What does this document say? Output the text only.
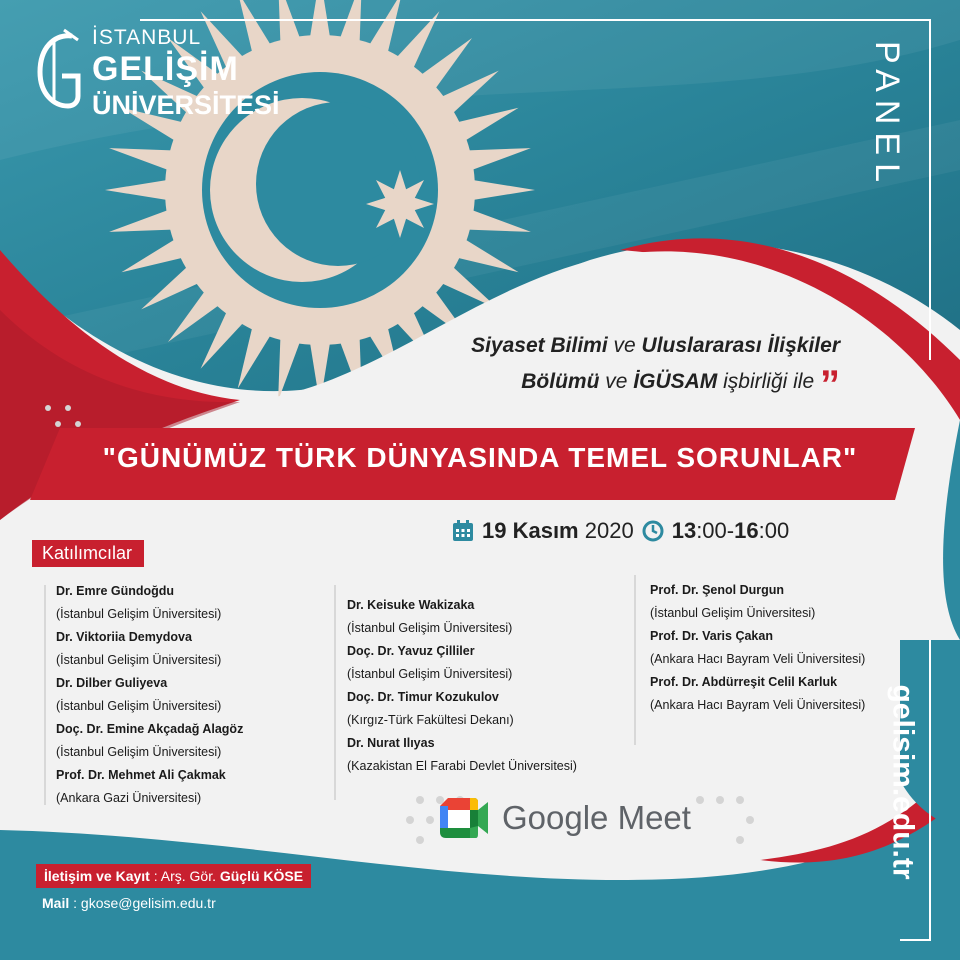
İSTANBUL
GELİŞİM
ÜNİVERSİTESİ	PANEL
Siyaset Bilimi ve Uluslararası İlişkiler
Bölümü ve İGÜSAM işbirliği ile ”
"GÜNÜMÜZ TÜRK DÜNYASINDA TEMEL SORUNLAR"
19 Kasım 2020 13:00-16:00
Katılımcılar
Dr. Emre Gündoğdu
(İstanbul Gelişim Üniversitesi)
Dr. Viktoriia Demydova
(İstanbul Gelişim Üniversitesi)
Dr. Dilber Guliyeva
(İstanbul Gelişim Üniversitesi)
Doç. Dr. Emine Akçadağ Alagöz
(İstanbul Gelişim Üniversitesi)
Prof. Dr. Mehmet Ali Çakmak
(Ankara Gazi Üniversitesi)
Dr. Keisuke Wakizaka
(İstanbul Gelişim Üniversitesi)
Doç. Dr. Yavuz Çilliler
(İstanbul Gelişim Üniversitesi)
Doç. Dr. Timur Kozukulov
(Kırgız-Türk Fakültesi Dekanı)
Dr. Nurat Ilıyas
(Kazakistan El Farabi Devlet Üniversitesi)
Prof. Dr. Şenol Durgun
(İstanbul Gelişim Üniversitesi)
Prof. Dr. Varis Çakan
(Ankara Hacı Bayram Veli Üniversitesi)
Prof. Dr. Abdürreşit Celil Karluk
(Ankara Hacı Bayram Veli Üniversitesi)
Google Meet
İletişim ve Kayıt : Arş. Gör. Güçlü KÖSE
Mail : gkose@gelisim.edu.tr
gelisim.edu.tr
